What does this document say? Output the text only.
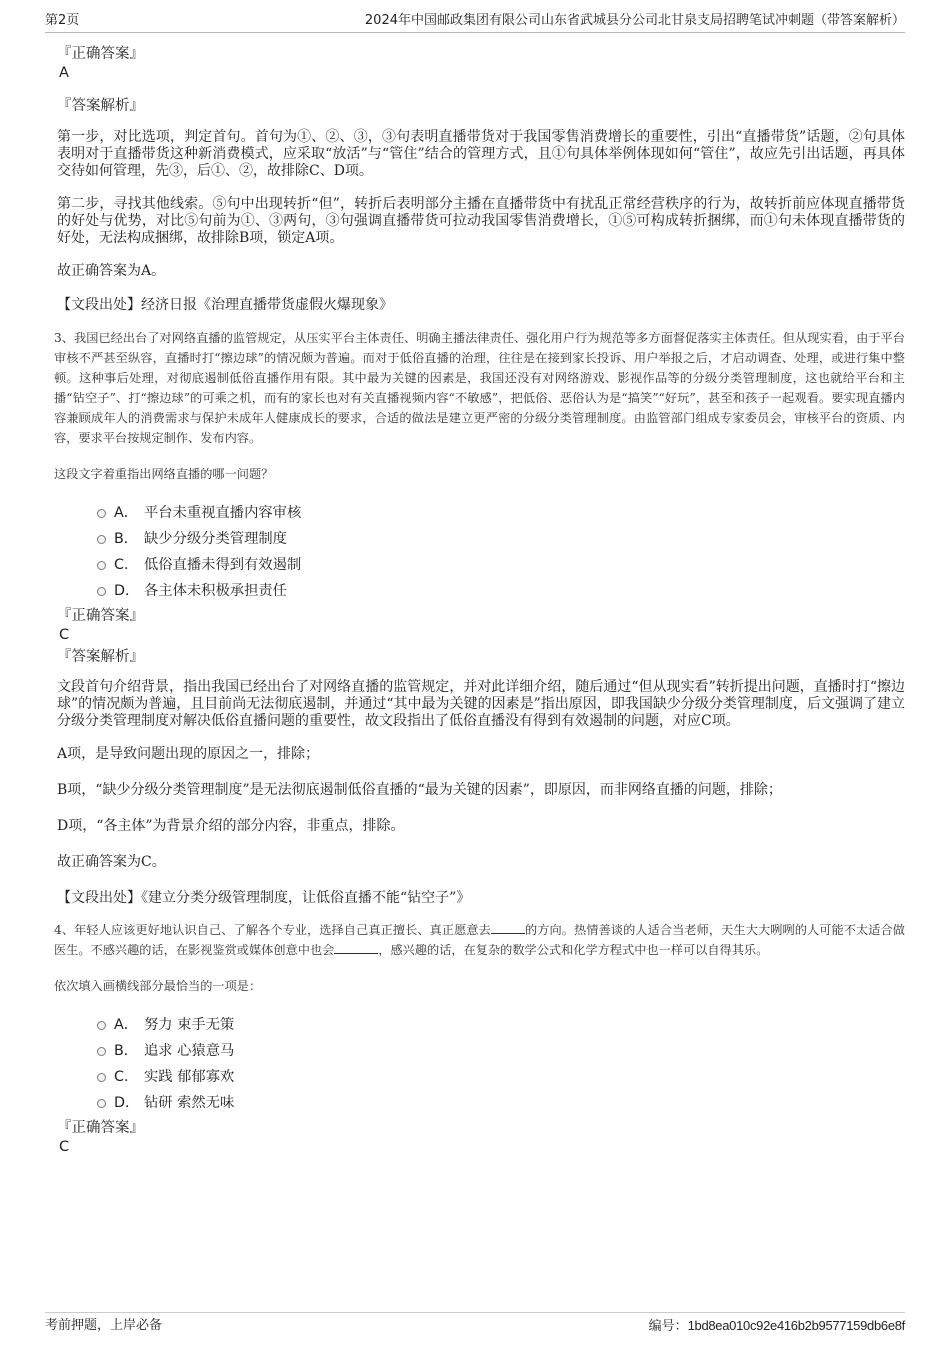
第2页	2024年中国邮政集团有限公司山东省武城县分公司北甘泉支局招聘笔试冲刺题（带答案解析）

『正确答案』

A

『答案解析』

第一步，对比选项，判定首句。首句为①、②、③，③句表明直播带货对于我国零售消费增长的重要性，引出“直播带货”话题，②句具体表明对于直播带货这种新消费模式，应采取“放活”与“管住”结合的管理方式，且①句具体举例体现如何“管住”，故应先引出话题，再具体交待如何管理，先③，后①、②，故排除C、D项。

第二步，寻找其他线索。⑤句中出现转折“但”，转折后表明部分主播在直播带货中有扰乱正常经营秩序的行为，故转折前应体现直播带货的好处与优势，对比⑤句前为①、③两句，③句强调直播带货可拉动我国零售消费增长，①⑤可构成转折捆绑，而①句未体现直播带货的好处，无法构成捆绑，故排除B项，锁定A项。

故正确答案为A。

【文段出处】经济日报《治理直播带货虚假火爆现象》

3、我国已经出台了对网络直播的监管规定，从压实平台主体责任、明确主播法律责任、强化用户行为规范等多方面督促落实主体责任。但从现实看，由于平台审核不严甚至纵容，直播时打“擦边球”的情况颇为普遍。而对于低俗直播的治理，往往是在接到家长投诉、用户举报之后，才启动调查、处理，或进行集中整顿。这种事后处理，对彻底遏制低俗直播作用有限。其中最为关键的因素是，我国还没有对网络游戏、影视作品等的分级分类管理制度，这也就给平台和主播“钻空子”、打“擦边球”的可乘之机，而有的家长也对有关直播视频内容“不敏感”，把低俗、恶俗认为是“搞笑”“好玩”，甚至和孩子一起观看。要实现直播内容兼顾成年人的消费需求与保护未成年人健康成长的要求，合适的做法是建立更严密的分级分类管理制度。由监管部门组成专家委员会，审核平台的资质、内容，要求平台按规定制作、发布内容。

这段文字着重指出网络直播的哪一问题？

A． 平台未重视直播内容审核
B． 缺少分级分类管理制度
C． 低俗直播未得到有效遏制
D． 各主体未积极承担责任

『正确答案』

C

『答案解析』

文段首句介绍背景，指出我国已经出台了对网络直播的监管规定，并对此详细介绍，随后通过“但从现实看”转折提出问题，直播时打“擦边球”的情况颇为普遍，且目前尚无法彻底遏制，并通过“其中最为关键的因素是”指出原因，即我国缺少分级分类管理制度，后文强调了建立分级分类管理制度对解决低俗直播问题的重要性，故文段指出了低俗直播没有得到有效遏制的问题，对应C项。

A项，是导致问题出现的原因之一，排除；

B项，“缺少分级分类管理制度”是无法彻底遏制低俗直播的“最为关键的因素”，即原因，而非网络直播的问题，排除；

D项，“各主体”为背景介绍的部分内容，非重点，排除。

故正确答案为C。

【文段出处】《建立分类分级管理制度，让低俗直播不能“钻空子”》

4、年轻人应该更好地认识自己、了解各个专业，选择自己真正擅长、真正愿意去	的方向。热情善谈的人适合当老师，天生大大咧咧的人可能不太适合做医生。不感兴趣的话，在影视鉴赏或媒体创意中也会	，感兴趣的话，在复杂的数学公式和化学方程式中也一样可以自得其乐。

依次填入画横线部分最恰当的一项是：

A． 努力 束手无策
B． 追求 心猿意马
C． 实践 郁郁寡欢
D． 钻研 索然无味

『正确答案』

C

考前押题，上岸必备	编号：1bd8ea010c92e416b2b9577159db6e8f
